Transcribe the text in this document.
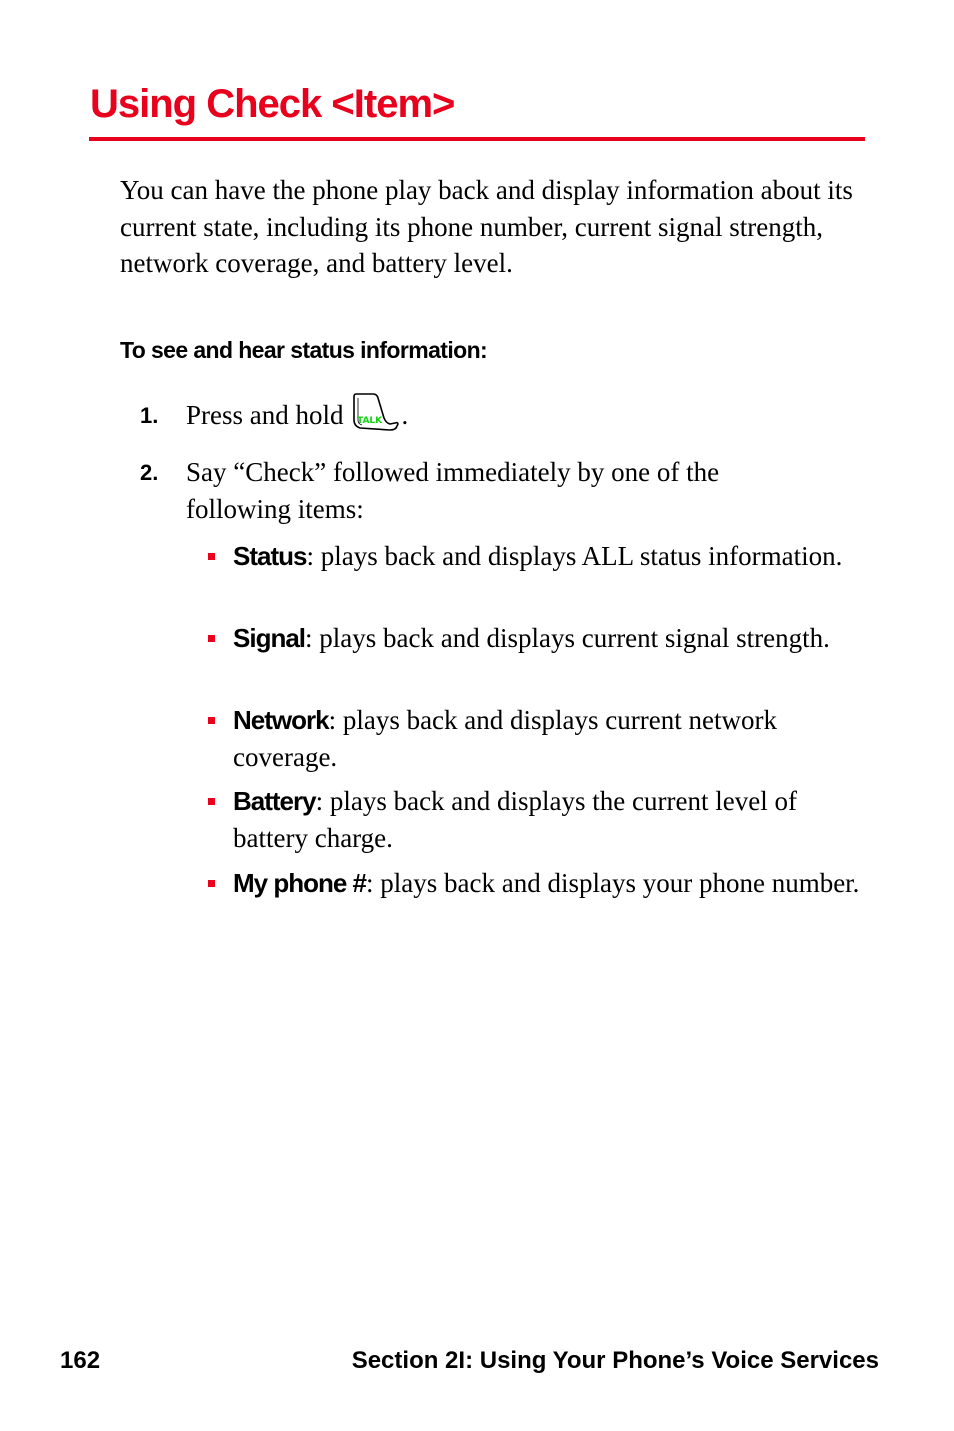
Using Check <Item>

You can have the phone play back and display information about its current state, including its phone number, current signal strength, network coverage, and battery level.

To see and hear status information:

1. Press and hold TALK .
2. Say “Check” followed immediately by one of the following items:
Status: plays back and displays ALL status information.
Signal: plays back and displays current signal strength.
Network: plays back and displays current network coverage.
Battery: plays back and displays the current level of battery charge.
My phone #: plays back and displays your phone number.

162	Section 2I: Using Your Phone’s Voice Services
